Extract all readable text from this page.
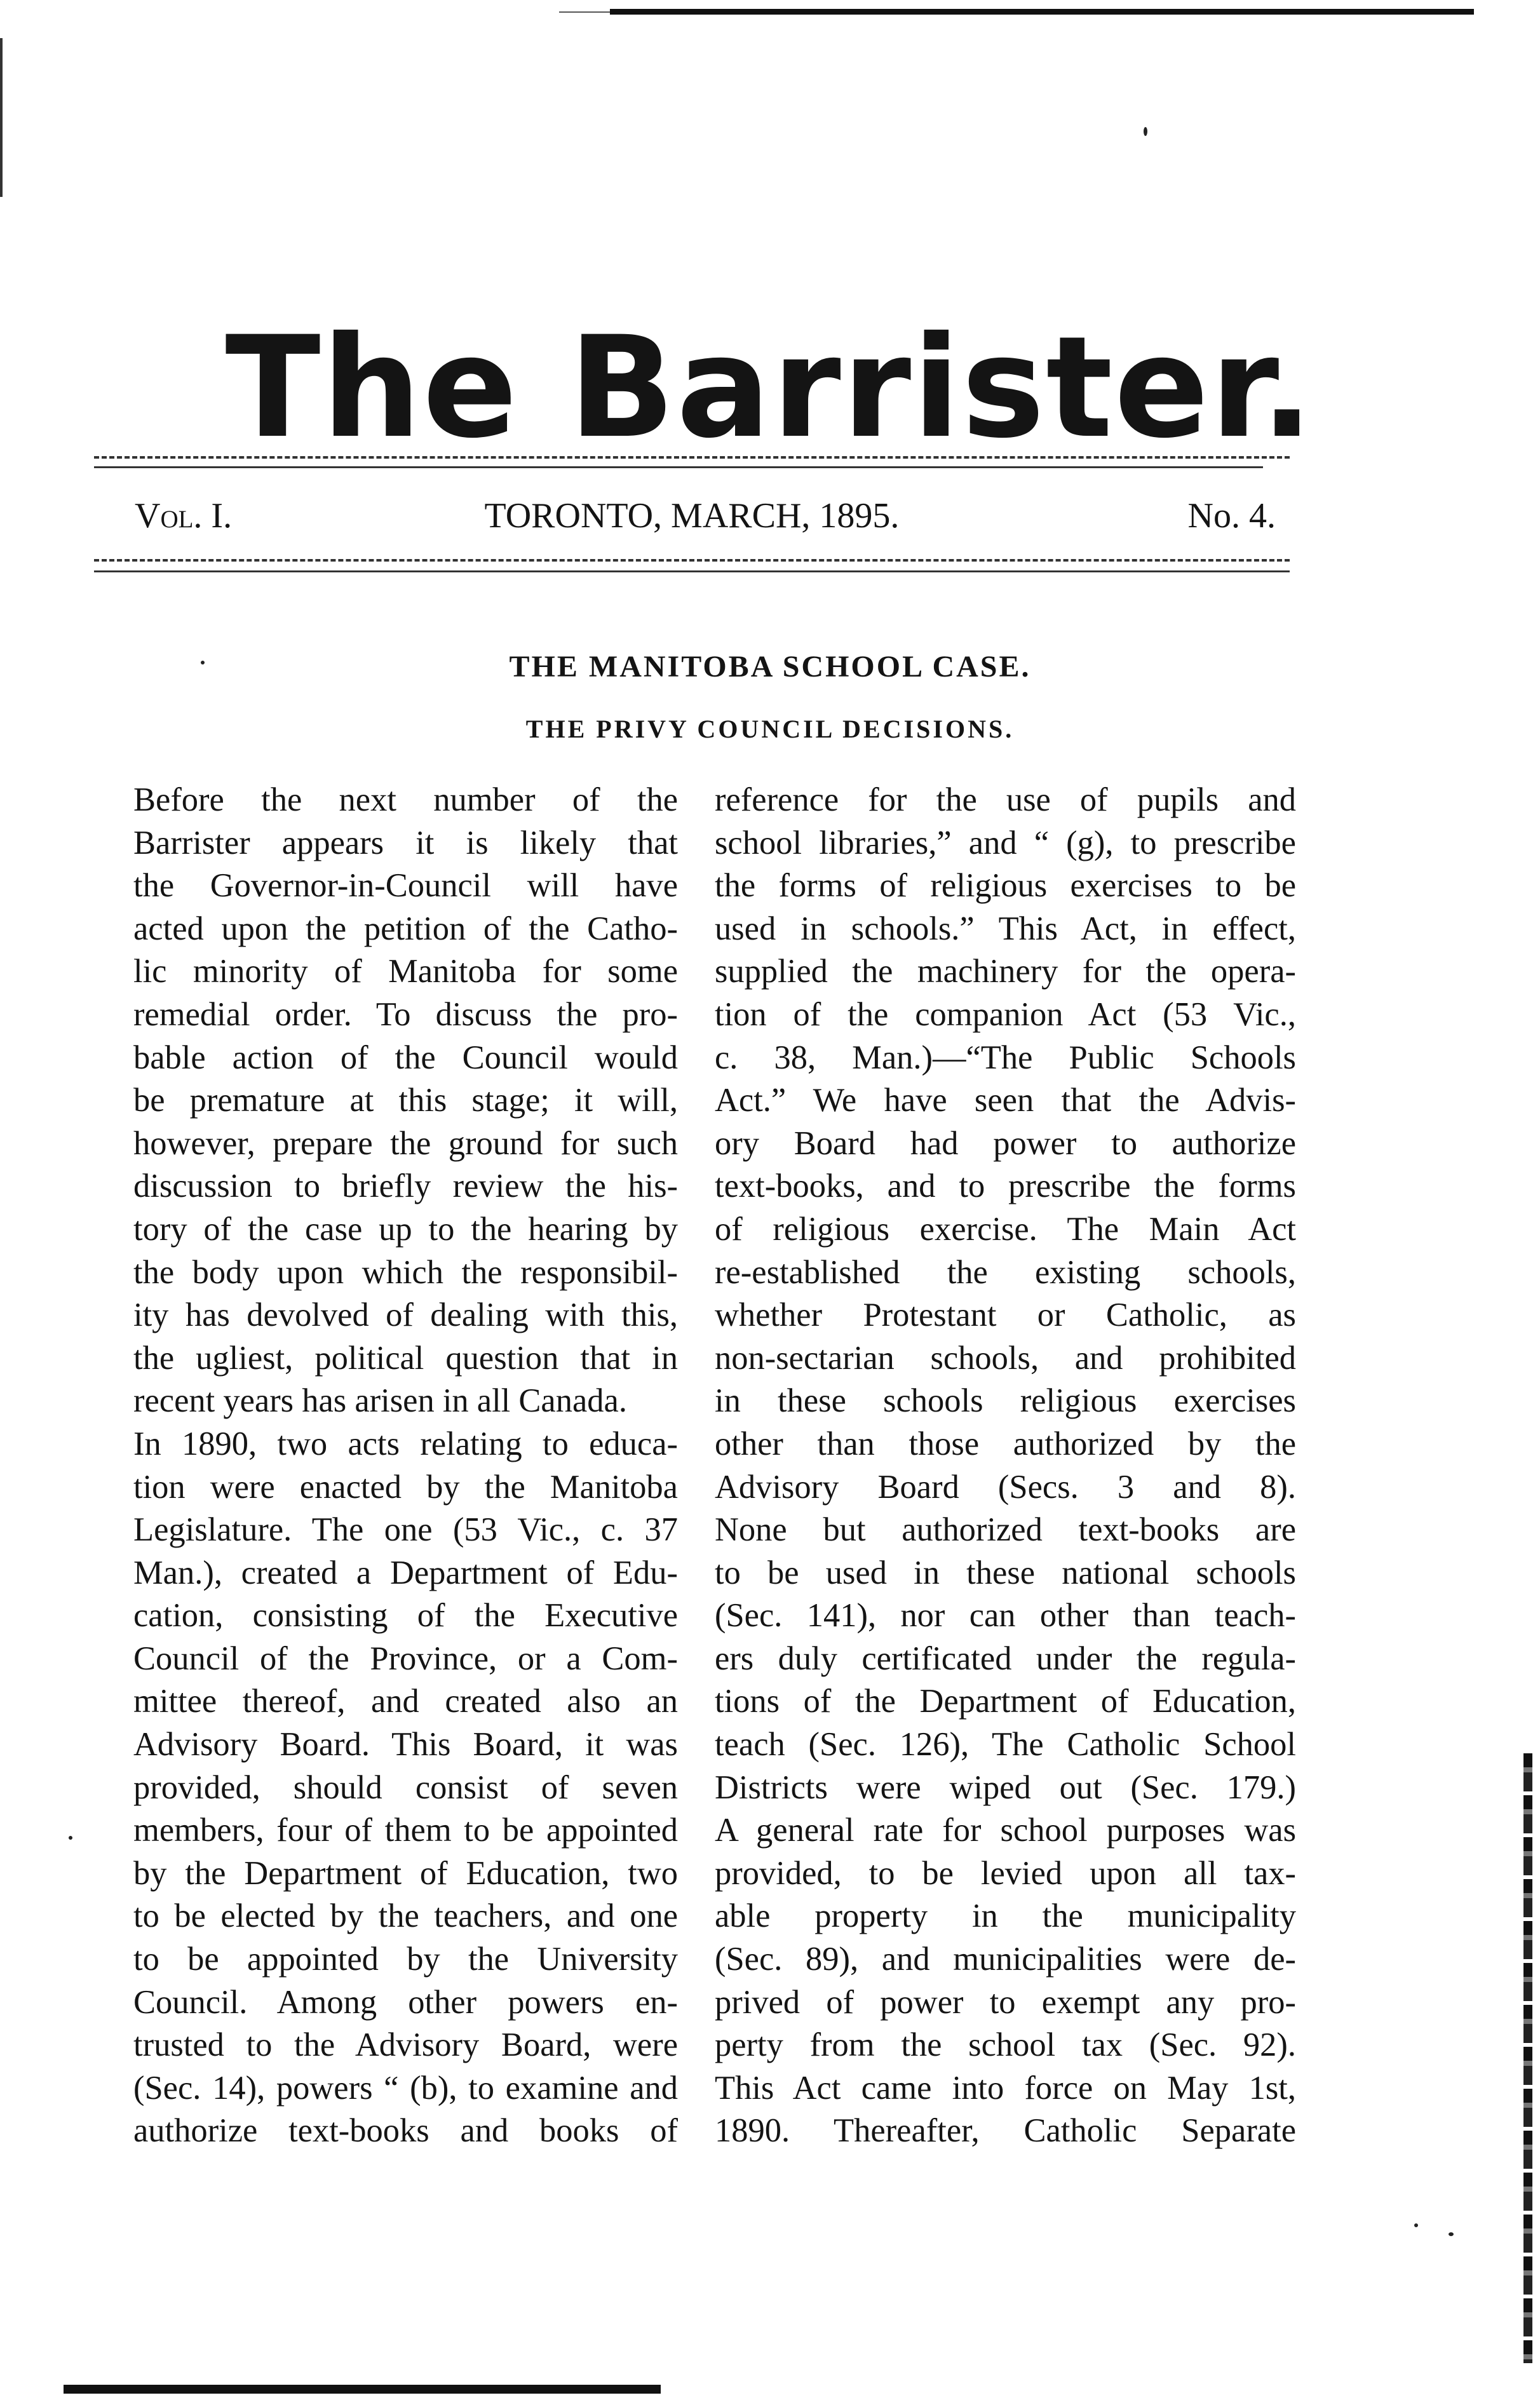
The Barrister.
Vol. I.	TORONTO, MARCH, 1895.	No. 4.
THE MANITOBA SCHOOL CASE.
THE PRIVY COUNCIL DECISIONS.

Before the next number of the
Barrister appears it is likely that
the Governor-in-Council will have
acted upon the petition of the Catho-
lic minority of Manitoba for some
remedial order. To discuss the pro-
bable action of the Council would
be premature at this stage; it will,
however, prepare the ground for such
discussion to briefly review the his-
tory of the case up to the hearing by
the body upon which the responsibil-
ity has devolved of dealing with this,
the ugliest, political question that in
recent years has arisen in all Canada.

In 1890, two acts relating to educa-
tion were enacted by the Manitoba
Legislature. The one (53 Vic., c. 37
Man.), created a Department of Edu-
cation, consisting of the Executive
Council of the Province, or a Com-
mittee thereof, and created also an
Advisory Board. This Board, it was
provided, should consist of seven
members, four of them to be appointed
by the Department of Education, two
to be elected by the teachers, and one
to be appointed by the University
Council. Among other powers en-
trusted to the Advisory Board, were
(Sec. 14), powers “ (b), to examine and
authorize text-books and books of

reference for the use of pupils and
school libraries,” and “ (g), to prescribe
the forms of religious exercises to be
used in schools.” This Act, in effect,
supplied the machinery for the opera-
tion of the companion Act (53 Vic.,
c. 38, Man.)—“The Public Schools
Act.” We have seen that the Advis-
ory Board had power to authorize
text-books, and to prescribe the forms
of religious exercise. The Main Act
re-established the existing schools,
whether Protestant or Catholic, as
non-sectarian schools, and prohibited
in these schools religious exercises
other than those authorized by the
Advisory Board (Secs. 3 and 8).
None but authorized text-books are
to be used in these national schools
(Sec. 141), nor can other than teach-
ers duly certificated under the regula-
tions of the Department of Education,
teach (Sec. 126), The Catholic School
Districts were wiped out (Sec. 179.)
A general rate for school purposes was
provided, to be levied upon all tax-
able property in the municipality
(Sec. 89), and municipalities were de-
prived of power to exempt any pro-
perty from the school tax (Sec. 92).
This Act came into force on May 1st,
1890. Thereafter, Catholic Separate
